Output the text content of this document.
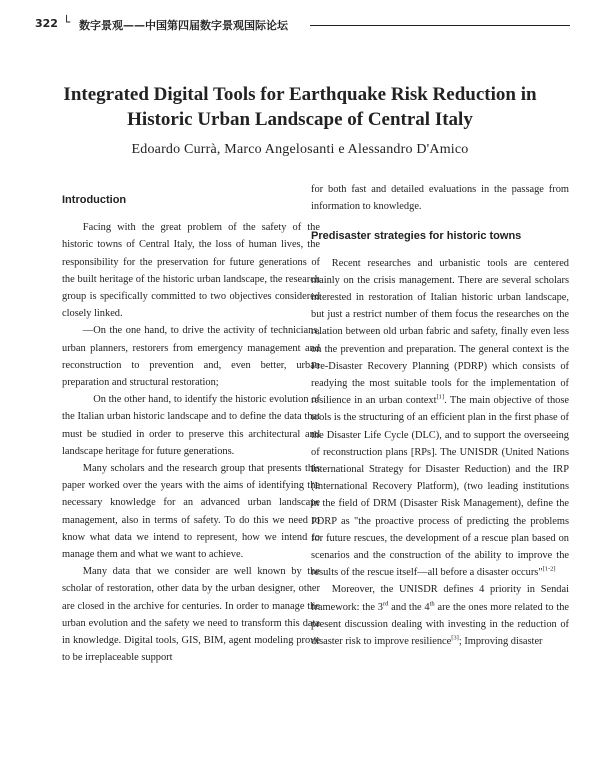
322 └ 数字景观——中国第四届数字景观国际论坛
Integrated Digital Tools for Earthquake Risk Reduction in
Historic Urban Landscape of Central Italy
Edoardo Currà, Marco Angelosanti e Alessandro D'Amico
Introduction

Facing with the great problem of the safety of the historic towns of Central Italy, the loss of human lives, the responsibility for the preservation for future generations of the built heritage of the historic urban landscape, the research group is specifically committed to two objectives considered closely linked.

—On the one hand, to drive the activity of technicians, urban planners, restorers from emergency management and reconstruction to prevention and, even better, urban preparation and structural restoration;

On the other hand, to identify the historic evolution of the Italian urban historic landscape and to define the data that must be studied in order to preserve this architectural and landscape heritage for future generations.

Many scholars and the research group that presents this paper worked over the years with the aims of identifying the necessary knowledge for an advanced urban landscape management, also in terms of safety. To do this we need to know what data we intend to represent, how we intend to manage them and what we want to achieve.

Many data that we consider are well known by the scholar of restoration, other data by the urban designer, other are closed in the archive for centuries. In order to manage the urban evolution and the safety we need to transform this data in knowledge. Digital tools, GIS, BIM, agent modeling prove to be irreplaceable support

for both fast and detailed evaluations in the passage from information to knowledge.

Predisaster strategies for historic towns

Recent researches and urbanistic tools are centered mainly on the crisis management. There are several scholars interested in restoration of Italian historic urban landscape, but just a restrict number of them focus the researches on the relation between old urban fabric and safety, finally even less on the prevention and preparation. The general context is the Pre-Disaster Recovery Planning (PDRP) which consists of readying the most suitable tools for the implementation of resilience in an urban context[1]. The main objective of those tools is the structuring of an efficient plan in the first phase of the Disaster Life Cycle (DLC), and to support the overseeing of reconstruction plans [RPs]. The UNISDR (United Nations International Strategy for Disaster Reduction) and the IRP (International Recovery Platform), (two leading institutions in the field of DRM (Disaster Risk Management), define the PDRP as "the proactive process of predicting the problems for future rescues, the development of a rescue plan based on scenarios and the construction of the ability to improve the results of the rescue itself—all before a disaster occurs"[1-2]

Moreover, the UNISDR defines 4 priority in Sendai framework: the 3rd and the 4th are the ones more related to the present discussion dealing with investing in the reduction of disaster risk to improve resilience[3]; Improving disaster
